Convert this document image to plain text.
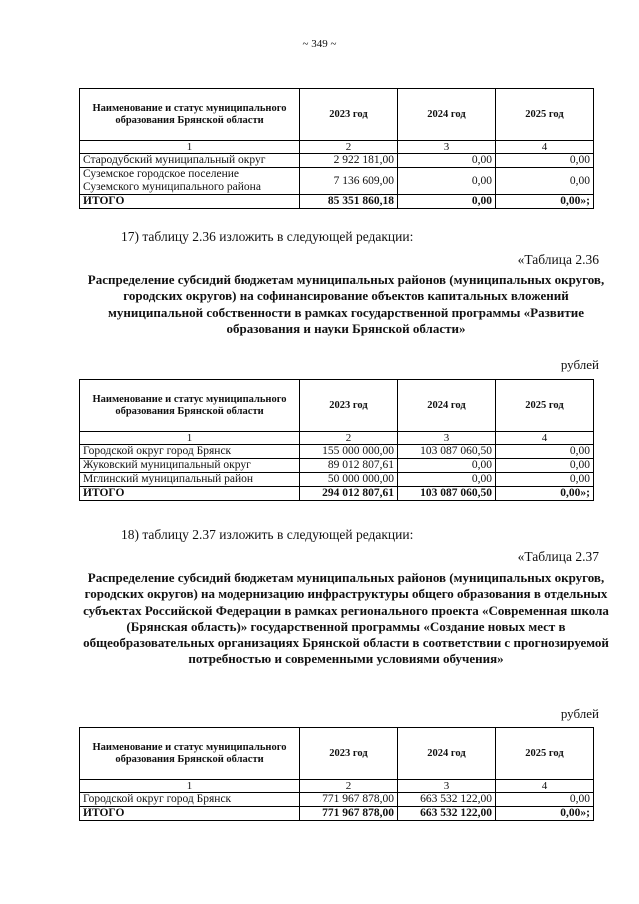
~ 349 ~
Наименование и статус муниципального образования Брянской области	2023 год	2024 год	2025 год
1	2	3	4
Стародубский муниципальный округ	2 922 181,00	0,00	0,00
Суземское городское поселение Суземского муниципального района	7 136 609,00	0,00	0,00
ИТОГО	85 351 860,18	0,00	0,00»;
17) таблицу 2.36 изложить в следующей редакции:
«Таблица 2.36
Распределение субсидий бюджетам муниципальных районов (муниципальных округов, городских округов) на софинансирование объектов капитальных вложений муниципальной собственности в рамках государственной программы «Развитие образования и науки Брянской области»
рублей
Наименование и статус муниципального образования Брянской области	2023 год	2024 год	2025 год
1	2	3	4
Городской округ город Брянск	155 000 000,00	103 087 060,50	0,00
Жуковский муниципальный округ	89 012 807,61	0,00	0,00
Мглинский муниципальный район	50 000 000,00	0,00	0,00
ИТОГО	294 012 807,61	103 087 060,50	0,00»;
18) таблицу 2.37 изложить в следующей редакции:
«Таблица 2.37
Распределение субсидий бюджетам муниципальных районов (муниципальных округов, городских округов) на модернизацию инфраструктуры общего образования в отдельных субъектах Российской Федерации в рамках регионального проекта «Современная школа (Брянская область)» государственной программы «Создание новых мест в общеобразовательных организациях Брянской области в соответствии с прогнозируемой потребностью и современными условиями обучения»
рублей
Наименование и статус муниципального образования Брянской области	2023 год	2024 год	2025 год
1	2	3	4
Городской округ город Брянск	771 967 878,00	663 532 122,00	0,00
ИТОГО	771 967 878,00	663 532 122,00	0,00»;
